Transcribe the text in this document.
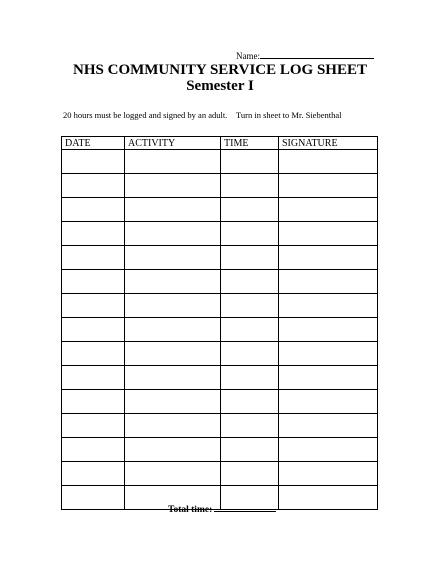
Name:
NHS COMMUNITY SERVICE LOG SHEET
Semester I
20 hours must be logged and signed by an adult. Turn in sheet to Mr. Siebenthal
DATE	ACTIVITY	TIME	SIGNATURE

Total time:
